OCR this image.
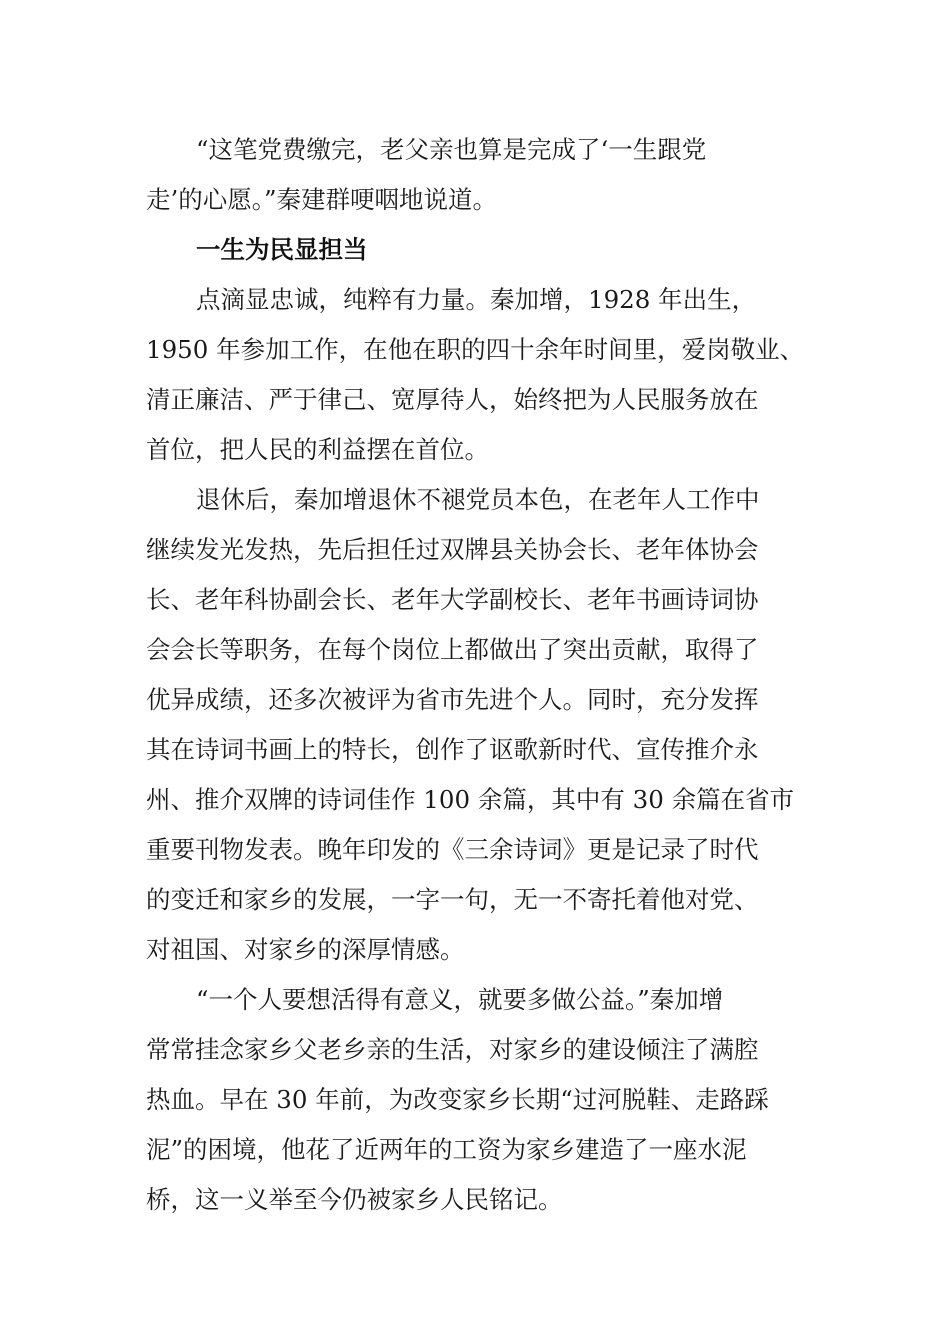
“这笔党费缴完，老父亲也算是完成了‘一生跟党

走’的心愿。”秦建群哽咽地说道。

一生为民显担当

点滴显忠诚，纯粹有力量。秦加增，1928 年出生，

1950 年参加工作，在他在职的四十余年时间里，爱岗敬业、

清正廉洁、严于律己、宽厚待人，始终把为人民服务放在

首位，把人民的利益摆在首位。

退休后，秦加增退休不褪党员本色，在老年人工作中

继续发光发热，先后担任过双牌县关协会长、老年体协会

长、老年科协副会长、老年大学副校长、老年书画诗词协

会会长等职务，在每个岗位上都做出了突出贡献，取得了

优异成绩，还多次被评为省市先进个人。同时，充分发挥

其在诗词书画上的特长，创作了讴歌新时代、宣传推介永

州、推介双牌的诗词佳作 100 余篇，其中有 30 余篇在省市

重要刊物发表。晚年印发的《三余诗词》更是记录了时代

的变迁和家乡的发展，一字一句，无一不寄托着他对党、

对祖国、对家乡的深厚情感。

“一个人要想活得有意义，就要多做公益。”秦加增

常常挂念家乡父老乡亲的生活，对家乡的建设倾注了满腔

热血。早在 30 年前，为改变家乡长期“过河脱鞋、走路踩

泥”的困境，他花了近两年的工资为家乡建造了一座水泥

桥，这一义举至今仍被家乡人民铭记。
